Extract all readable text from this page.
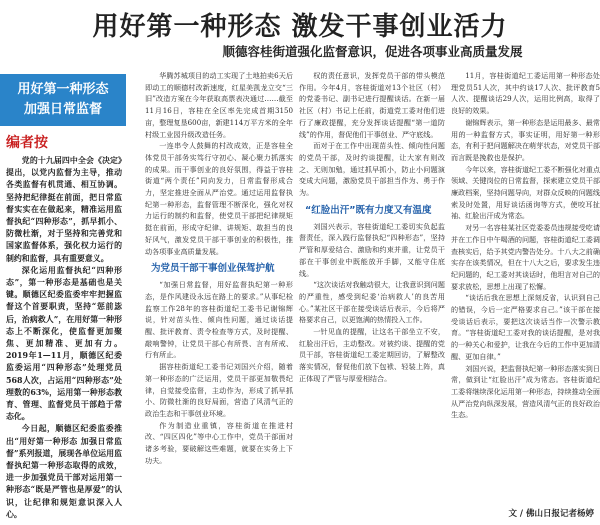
用好第一种形态 激发干事创业活力
顺德容桂街道强化监督意识，促进各项事业高质量发展
用好第一种形态
加强日常监督
编者按

党的十九届四中全会《决定》提出，以党内监督为主导，推动各类监督有机贯通、相互协调。坚持把纪律挺在前面，把日常监督实实在在做起来，精准运用监督执纪“四种形态”，抓早抓小、防微杜渐，对于坚持和完善党和国家监督体系，强化权力运行的制约和监督，具有重要意义。

深化运用监督执纪“四种形态”，第一种形态是基础也是关键。顺德区纪委监委牢牢把握监督这个首要职责，坚持“惩前毖后，治病救人”，在用好第一种形态上不断深化，使监督更加聚焦、更加精准、更加有力。2019年1—11月，顺德区纪委监委运用“四种形态”处理党员568人次，占运用“四种形态”处理数的63%，运用第一种形态教育、管理、监督党员干部趋于常态化。

今日起，顺德区纪委监委推出“用好第一种形态 加强日常监督”系列报道，展现各单位运用监督执纪第一种形态取得的成效，进一步加强党员干部对运用第一种形态“既是严管也是厚爱”的认识，让纪律和规矩意识深入人心。

华腾苏城项目的动工实现了土地拍卖6天后即动工的顺德村改新速度，红星美凯龙立交“三旧”改造方案在今年获取高票表决通过……截至11月16日，容桂在全区率先完成首期3150亩，整理复垦600亩，新建114万平方米的全年村级工业园升级改造任务。

一连串令人鼓舞的村改成效，正是容桂全体党员干部务实笃行守初心、凝心聚力抓落实的成果。而干事创业的良好氛围，得益于容桂街道“两个责任”同向发力，日常监督形成合力，坚定推进全面从严治党。通过运用监督执纪第一种形态，监督管理不断深化，强化对权力运行的制约和监督，使党员干部把纪律规矩挺在前面，形成守纪律、讲规矩、敢担当的良好风气，激发党员干部干事创业的积极性，推动各项事业高质量发展。

为党员干部干事创业保驾护航

“加强日常监督，用好监督执纪第一种形态，是作风建设永远在路上的要求。”从事纪检监察工作28年的容桂街道纪工委书记谢锦辉说，针对苗头性、倾向性问题，通过谈话提醒、批评教育、责令检查等方式，及时提醒、敲响警钟，让党员干部心有所畏、言有所戒、行有所止。

据容桂街道纪工委书记刘国兴介绍，随着第一种形态的广泛运用，党员干部更加敬畏纪律，自觉接受监督，主动作为，形成了抓早抓小、防微杜渐的良好局面，营造了风清气正的政治生态和干事创业环境。

作为制造业重镇，容桂街道在推进村改、“四区四化”等中心工作中，党员干部面对诸多考验，要破解这些难题，就要在实务上下功夫。

权的责任意识，发挥党员干部的带头模范作用。今年4月，容桂街道对13个社区（村）的党委书记、副书记进行提醒谈话。在新一届社区（村）书记上任前，街道党工委对他们进行了廉政提醒，充分发挥谈话提醒“第一道防线”的作用，督促他们干事创业、严守底线。

而对于在工作中出现苗头性、倾向性问题的党员干部，及时约谈提醒，让大家有则改之、无则加勉，通过抓早抓小，防止小问题演变成大问题，激励党员干部担当作为、勇于作为。

“红脸出汗”既有力度又有温度

刘国兴表示，容桂街道纪工委切实负起监督责任，深入践行监督执纪“四种形态”，坚持严管和厚爱结合、激励和约束并重，让党员干部在干事创业中既能放开手脚，又能守住底线。

“这次谈话对我触动很大，让我意识到问题的严重性，感受到纪委‘治病救人’的良苦用心。”某社区干部在接受谈话后表示，今后将严格要求自己，以更饱满的热情投入工作。

一针见血的提醒，让这名干部坐立不安，红脸出汗后，主动整改。对被约谈、提醒的党员干部，容桂街道纪工委定期回访，了解整改落实情况，督促他们放下包袱、轻装上阵，真正体现了严管与厚爱相结合。

11月，容桂街道纪工委运用第一种形态处理党员51人次，其中约谈17人次、批评教育5人次、提醒谈话29人次，运用比例高，取得了良好的效果。

谢锦辉表示，第一种形态是运用最多、最常用的一种监督方式，事实证明，用好第一种形态，有利于把问题解决在萌芽状态，对党员干部而言既是挽救也是保护。

今年以来，容桂街道纪工委不断强化对重点领域、关键岗位的日常监督，探索建立党员干部廉政档案，坚持问题导向，对群众反映的问题线索及时处置，用好谈话函询等方式，使咬耳扯袖、红脸出汗成为常态。

对另一名容桂某社区党委委员违规接受吃请并在工作日中午喝酒的问题，容桂街道纪工委调查核实后，给予其党内警告处分。十八大之前确实存在该类情况，但在十八大之后，要求发生违纪问题的，纪工委对其谈话时，他坦言对自己的要求放松，思想上出现了松懈。

“谈话后我在思想上深刻反省，认识到自己的错误，今后一定严格要求自己。”该干部在接受谈话后表示，要把这次谈话当作一次警示教育。“容桂街道纪工委对我的谈话提醒，是对我的一种关心和爱护，让我在今后的工作中更加清醒、更加自律。”

刘国兴说，把监督执纪第一种形态落实到日常，做到让“红脸出汗”成为常态。容桂街道纪工委将继续深化运用第一种形态，持续推动全面从严治党向纵深发展，营造风清气正的良好政治生态。

文 / 佛山日报记者杨婷
